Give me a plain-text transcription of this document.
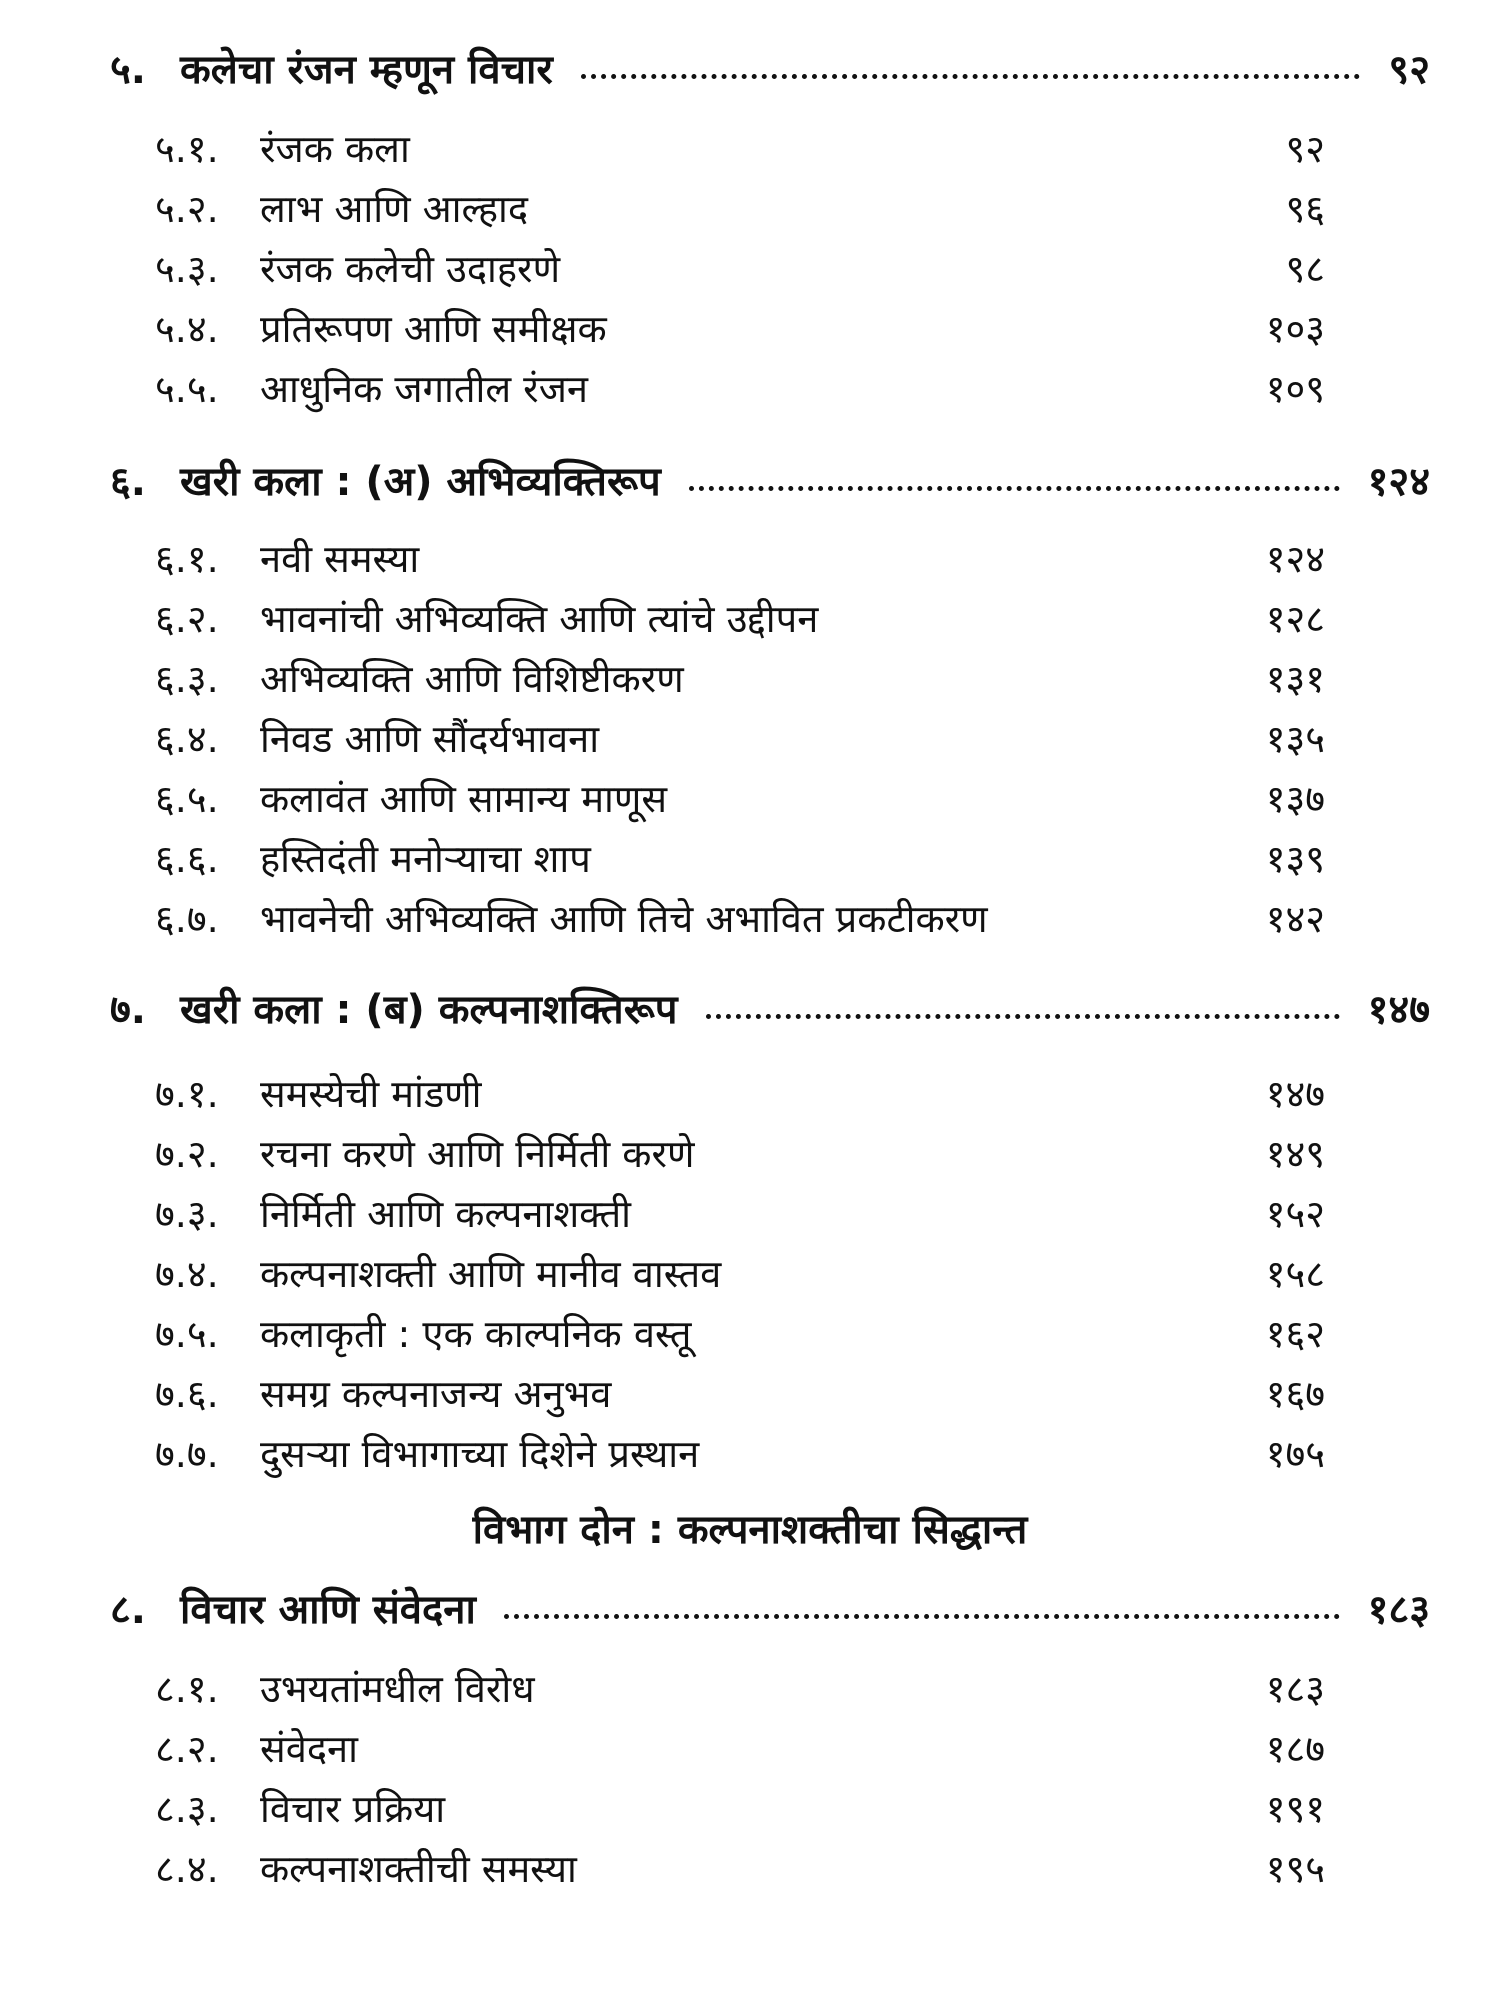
५. कलेचा रंजन म्हणून विचार	९२
५.१.	रंजक कला	९२
५.२.	लाभ आणि आल्हाद	९६
५.३.	रंजक कलेची उदाहरणे	९८
५.४.	प्रतिरूपण आणि समीक्षक	१०३
५.५.	आधुनिक जगातील रंजन	१०९
६. खरी कला : (अ) अभिव्यक्तिरूप	१२४
६.१.	नवी समस्या	१२४
६.२.	भावनांची अभिव्यक्ति आणि त्यांचे उद्दीपन	१२८
६.३.	अभिव्यक्ति आणि विशिष्टीकरण	१३१
६.४.	निवड आणि सौंदर्यभावना	१३५
६.५.	कलावंत आणि सामान्य माणूस	१३७
६.६.	हस्तिदंती मनोऱ्याचा शाप	१३९
६.७.	भावनेची अभिव्यक्ति आणि तिचे अभावित प्रकटीकरण	१४२
७. खरी कला : (ब) कल्पनाशक्तिरूप	१४७
७.१.	समस्येची मांडणी	१४७
७.२.	रचना करणे आणि निर्मिती करणे	१४९
७.३.	निर्मिती आणि कल्पनाशक्ती	१५२
७.४.	कल्पनाशक्ती आणि मानीव वास्तव	१५८
७.५.	कलाकृती : एक काल्पनिक वस्तू	१६२
७.६.	समग्र कल्पनाजन्य अनुभव	१६७
७.७.	दुसऱ्या विभागाच्या दिशेने प्रस्थान	१७५
विभाग दोन : कल्पनाशक्तीचा सिद्धान्त
८. विचार आणि संवेदना	१८३
८.१.	उभयतांमधील विरोध	१८३
८.२.	संवेदना	१८७
८.३.	विचार प्रक्रिया	१९१
८.४.	कल्पनाशक्तीची समस्या	१९५
